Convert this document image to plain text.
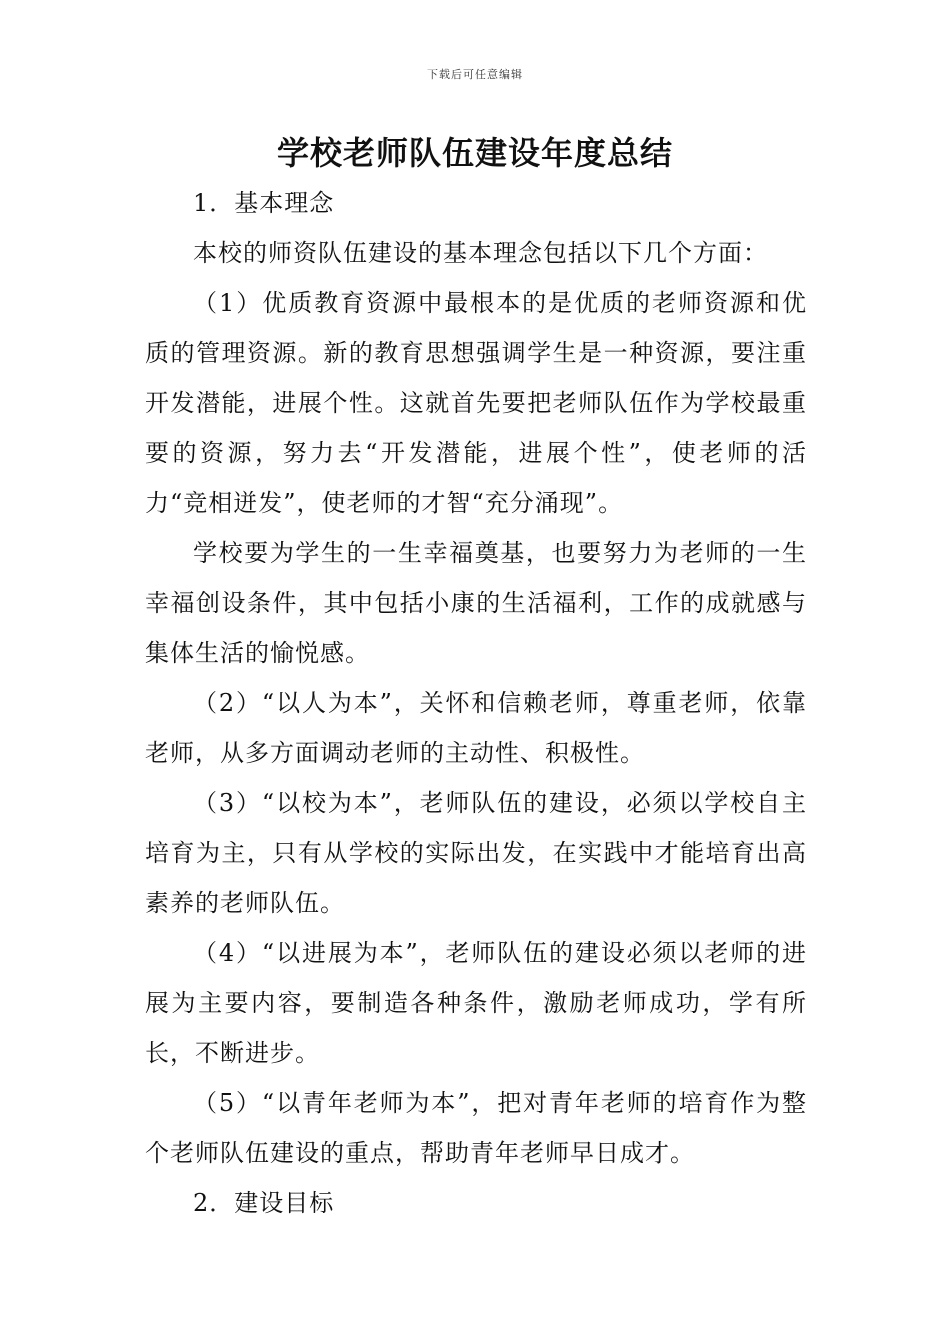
下载后可任意编辑
学校老师队伍建设年度总结

1．基本理念

本校的师资队伍建设的基本理念包括以下几个方面：

（1）优质教育资源中最根本的是优质的老师资源和优质的管理资源。新的教育思想强调学生是一种资源，要注重开发潜能，进展个性。这就首先要把老师队伍作为学校最重要的资源，努力去“开发潜能，进展个性”，使老师的活力“竞相迸发”，使老师的才智“充分涌现”。

学校要为学生的一生幸福奠基，也要努力为老师的一生幸福创设条件，其中包括小康的生活福利，工作的成就感与集体生活的愉悦感。

（2）“以人为本”，关怀和信赖老师，尊重老师，依靠老师，从多方面调动老师的主动性、积极性。

（3）“以校为本”，老师队伍的建设，必须以学校自主培育为主，只有从学校的实际出发，在实践中才能培育出高素养的老师队伍。

（4）“以进展为本”，老师队伍的建设必须以老师的进展为主要内容，要制造各种条件，激励老师成功，学有所长，不断进步。

（5）“以青年老师为本”，把对青年老师的培育作为整个老师队伍建设的重点，帮助青年老师早日成才。

2．建设目标
